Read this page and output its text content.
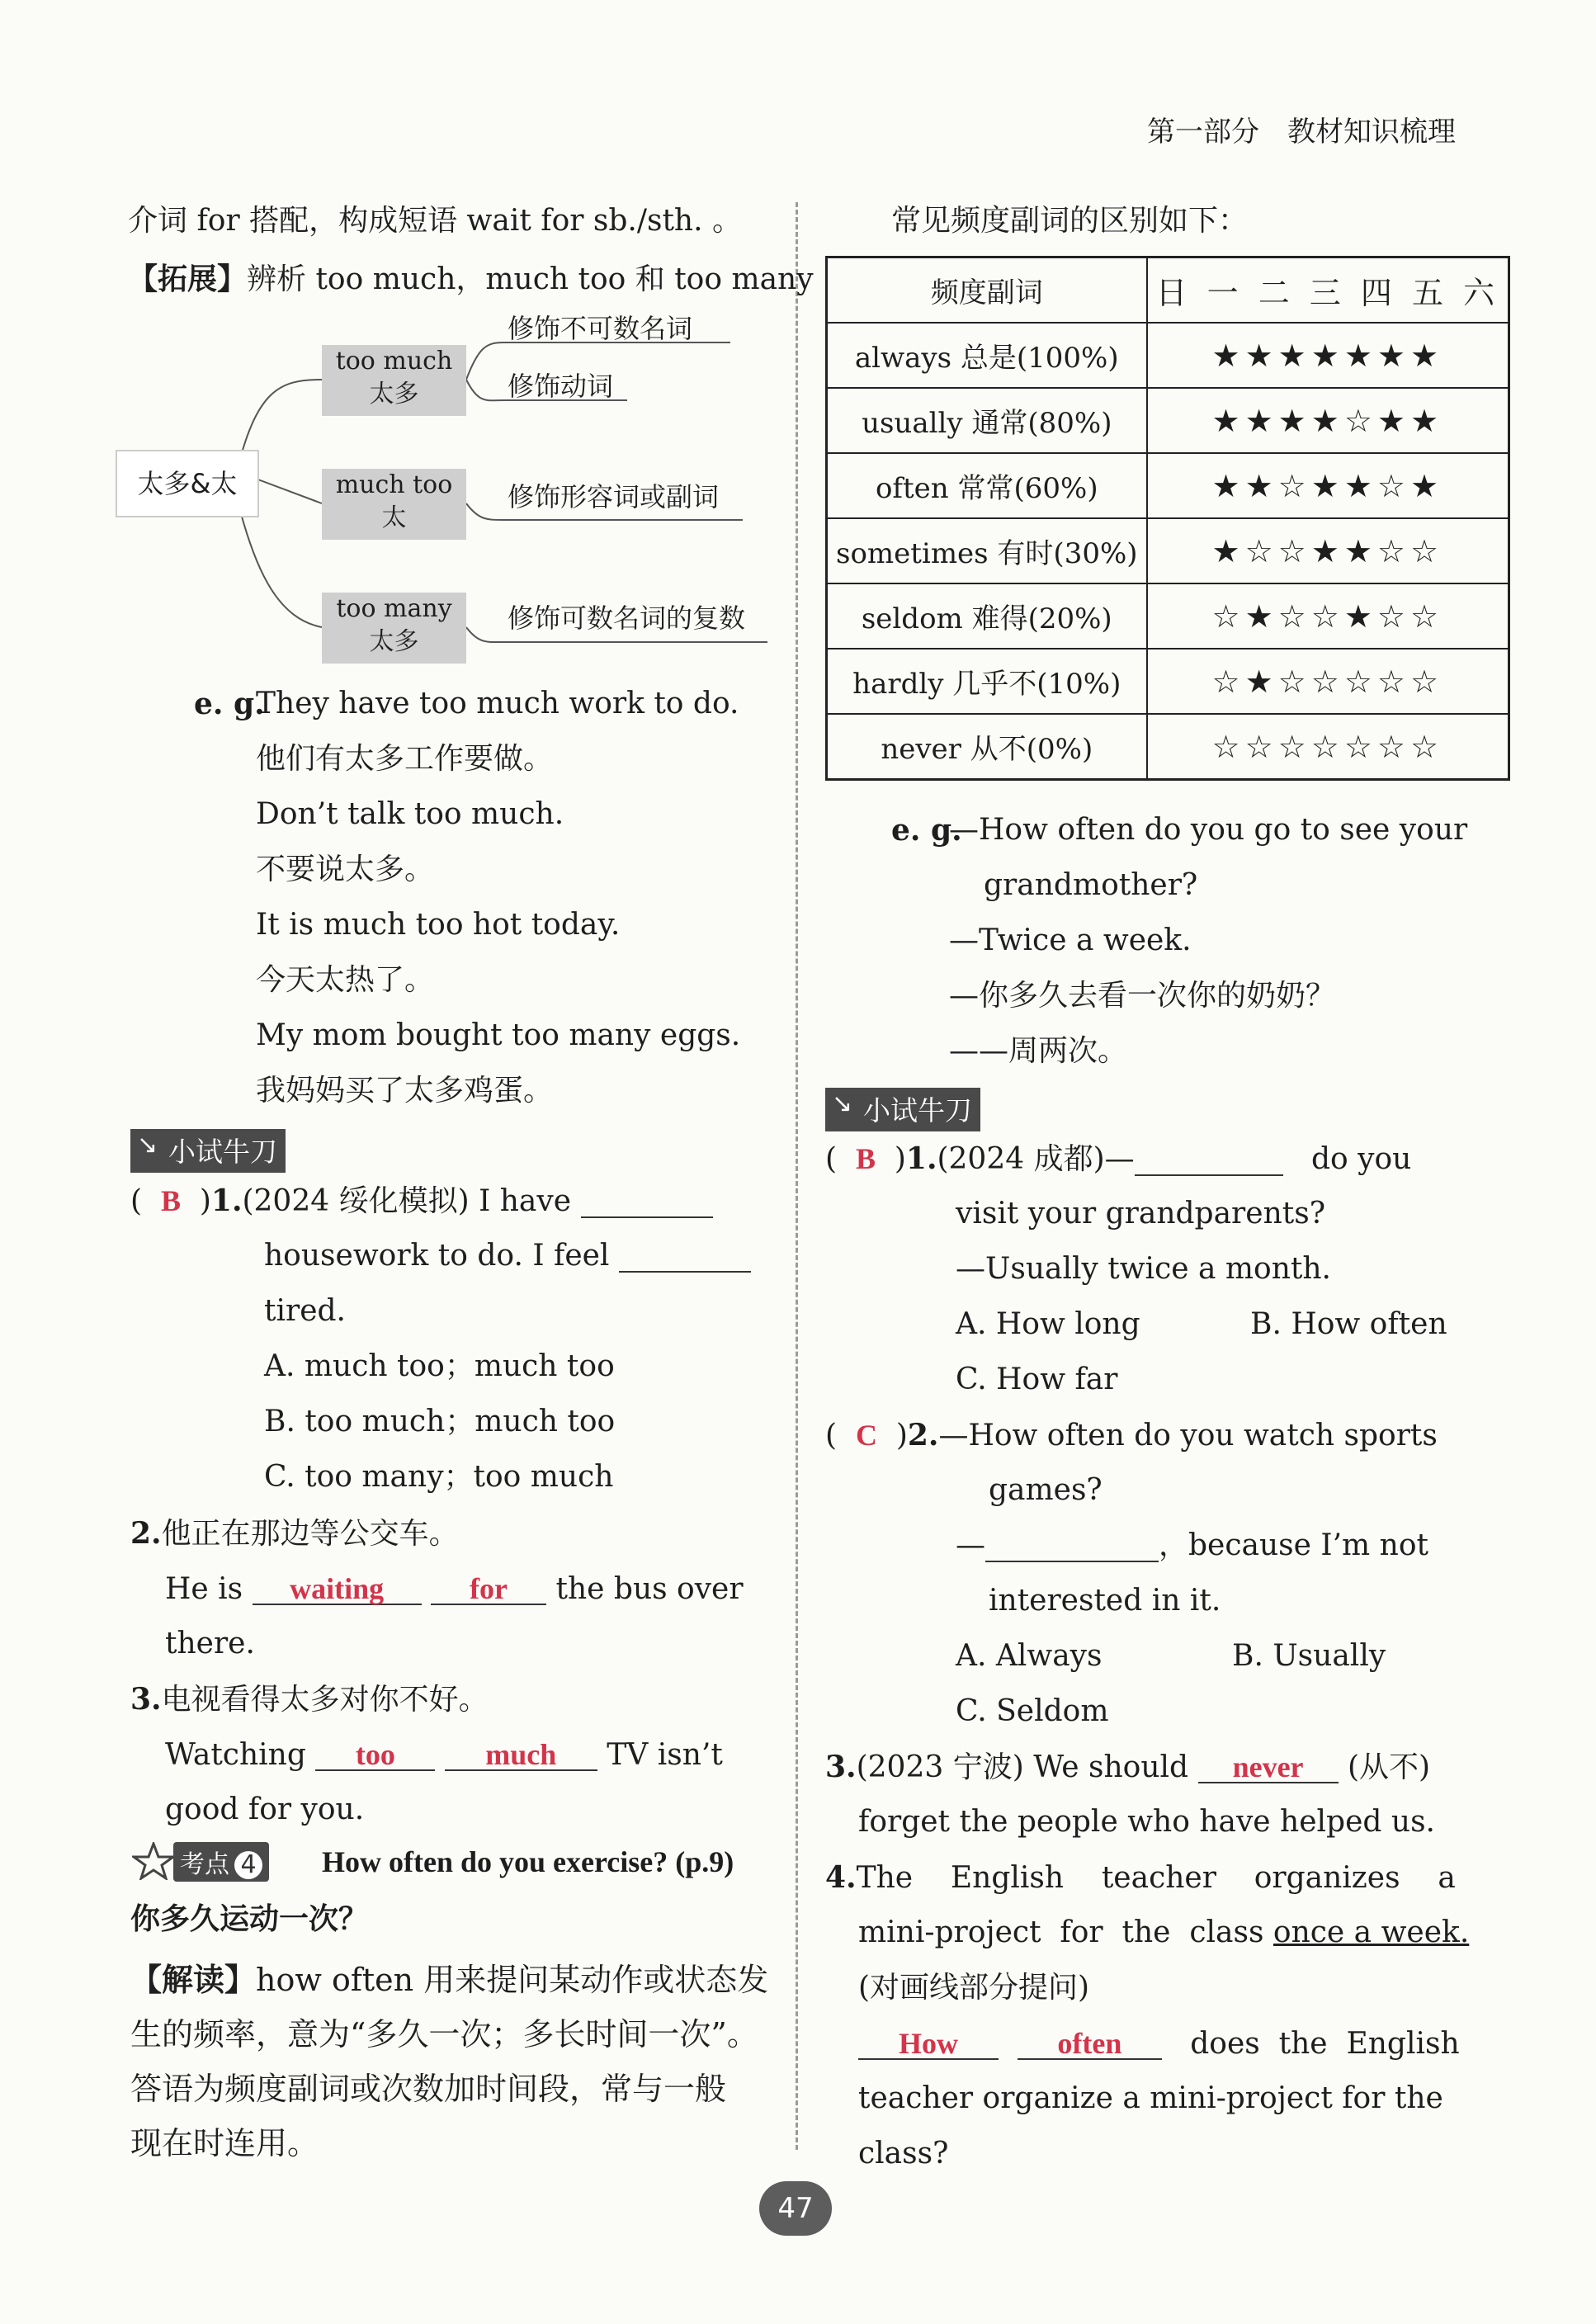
第一部分　教材知识梳理
介词 for 搭配，构成短语 wait for sb./sth. 。
【拓展】辨析 too much，much too 和 too many
太多&太
too much
太多
much too
太
too many
太多
修饰不可数名词
修饰动词
修饰形容词或副词
修饰可数名词的复数
e. g.
They have too much work to do.
他们有太多工作要做。
Don’t talk too much.
不要说太多。
It is much too hot today.
今天太热了。
My mom bought too many eggs.
我妈妈买了太多鸡蛋。
↘ 小试牛刀
(  B  )1.(2024 绥化模拟) I have
housework to do. I feel
tired.
A. much too；much too
B. too much；much too
C. too many；too much
2.他正在那边等公交车。
He is waiting	for the bus over
there.
3.电视看得太多对你不好。
Watching too	much TV isn’t
good for you.
考点 4	How often do you exercise? (p.9)
你多久运动一次？
【解读】how often 用来提问某动作或状态发
生的频率，意为“多久一次；多长时间一次”。
答语为频度副词或次数加时间段，常与一般
现在时连用。
常见频度副词的区别如下：
频度副词	日 一 二 三 四 五 六
always 总是(100%)	★★★★★★★
usually 通常(80%)	★★★★☆★★
often 常常(60%)	★★☆★★☆★
sometimes 有时(30%)	★☆☆★★☆☆
seldom 难得(20%)	☆★☆☆★☆☆
hardly 几乎不(10%)	☆★☆☆☆☆☆
never 从不(0%)	☆☆☆☆☆☆☆
e. g.
—How often do you go to see your
grandmother?
—Twice a week.
—你多久去看一次你的奶奶？
——周两次。
↘ 小试牛刀
(  B  )1.(2024 成都)—	do you
visit your grandparents?
—Usually twice a month.
A. How long	B. How often
C. How far
(  C  )2.—How often do you watch sports
games?
—	，because I’m not
interested in it.
A. Always	B. Usually
C. Seldom
3.(2023 宁波) We should never (从不)
forget the people who have helped us.
4.The    English    teacher    organizes    a
mini-project  for  the  class once a week.
(对画线部分提问)
How	often does  the  English
teacher organize a mini-project for the
class?
47
